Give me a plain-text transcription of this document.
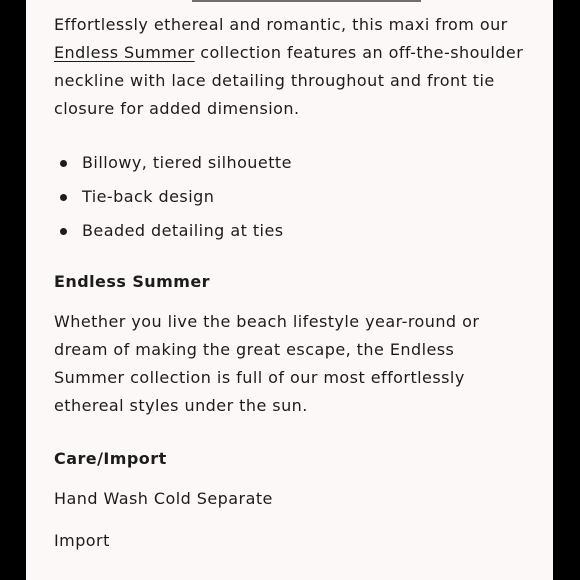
Effortlessly ethereal and romantic, this maxi from our Endless Summer collection features an off-the-shoulder neckline with lace detailing throughout and front tie closure for added dimension.

Billowy, tiered silhouette
Tie-back design
Beaded detailing at ties
Endless Summer

Whether you live the beach lifestyle year-round or dream of making the great escape, the Endless Summer collection is full of our most effortlessly ethereal styles under the sun.

Care/Import

Hand Wash Cold Separate

Import
